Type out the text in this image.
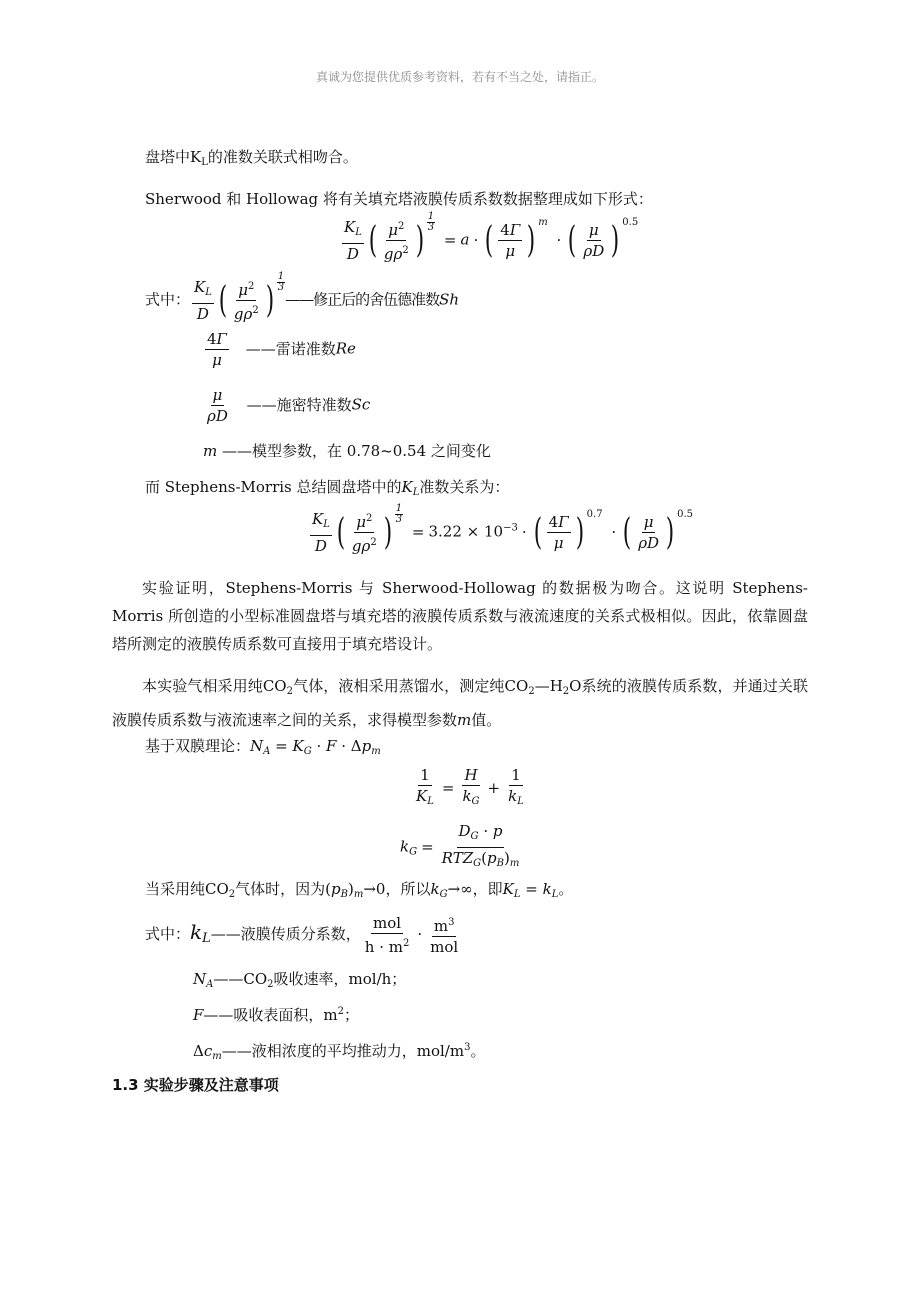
真诚为您提供优质参考资料，若有不当之处，请指正。
盘塔中$K_L$的准数关联式相吻合。
Sherwood 和 Hollowag 将有关填充塔液膜传质系数数据整理成如下形式：
$\frac{K_L}{D}$ ( $\mu^2$
$g\rho^2$ ) $\frac{1}{3}$
= a · ( 4Γ
μ ) $^m$ · ( μ
ρD ) $^{0.5}$
式中： $\frac{K_L}{D}$ ( $\mu^2$
$g\rho^2$ ) $\frac{1}{3}$
——修正后的舍伍德准数Sh
$\frac{4\Gamma}{\mu}$ ——雷诺准数Re
$\frac{\mu}{\rho D}$ ——施密特准数Sc
m ——模型参数，在 0.78~0.54 之间变化
而 Stephens-Morris 总结圆盘塔中的$K_L$准数关系为：
$\frac{K_L}{D}$ ( $\mu^2$
$g\rho^2$ ) $\frac{1}{3}$
= $3.22 \times 10^{-3}$ · ( 4Γ
μ ) $^{0.7}$ · ( μ
ρD ) $^{0.5}$
实验证明，Stephens-Morris 与 Sherwood-Hollowag 的数据极为吻合。这说明 Stephens-Morris 所创造的小型标准圆盘塔与填充塔的液膜传质系数与液流速度的关系式极相似。因此，依靠圆盘塔所测定的液膜传质系数可直接用于填充塔设计。
本实验气相采用纯$CO_2$气体，液相采用蒸馏水，测定纯$CO_2—H_2O$系统的液膜传质系数，并通过关联液膜传质系数与液流速率之间的关系，求得模型参数m值。
基于双膜理论：$N_A = K_G \cdot F \cdot \Delta p_m$
$\frac{1}{K_L} = \frac{H}{k_G} + \frac{1}{k_L}$
$k_G$ =
$D_G \cdot p$
$RTZ_G(p_B)_m$
当采用纯$CO_2$气体时，因为$(p_B)_m\to 0$，所以$k_G\to\infty$，即$K_L = k_L$。
式中：$k_L——$液膜传质分系数，
mol
$h \cdot m^2$
· $m^3$
mol
$N_A——CO_2$吸收速率，mol/h；
F——吸收表面积，$m^2$；
$\Delta c_m——$液相浓度的平均推动力，mol/$m^3$。
1.3 实验步骤及注意事项
